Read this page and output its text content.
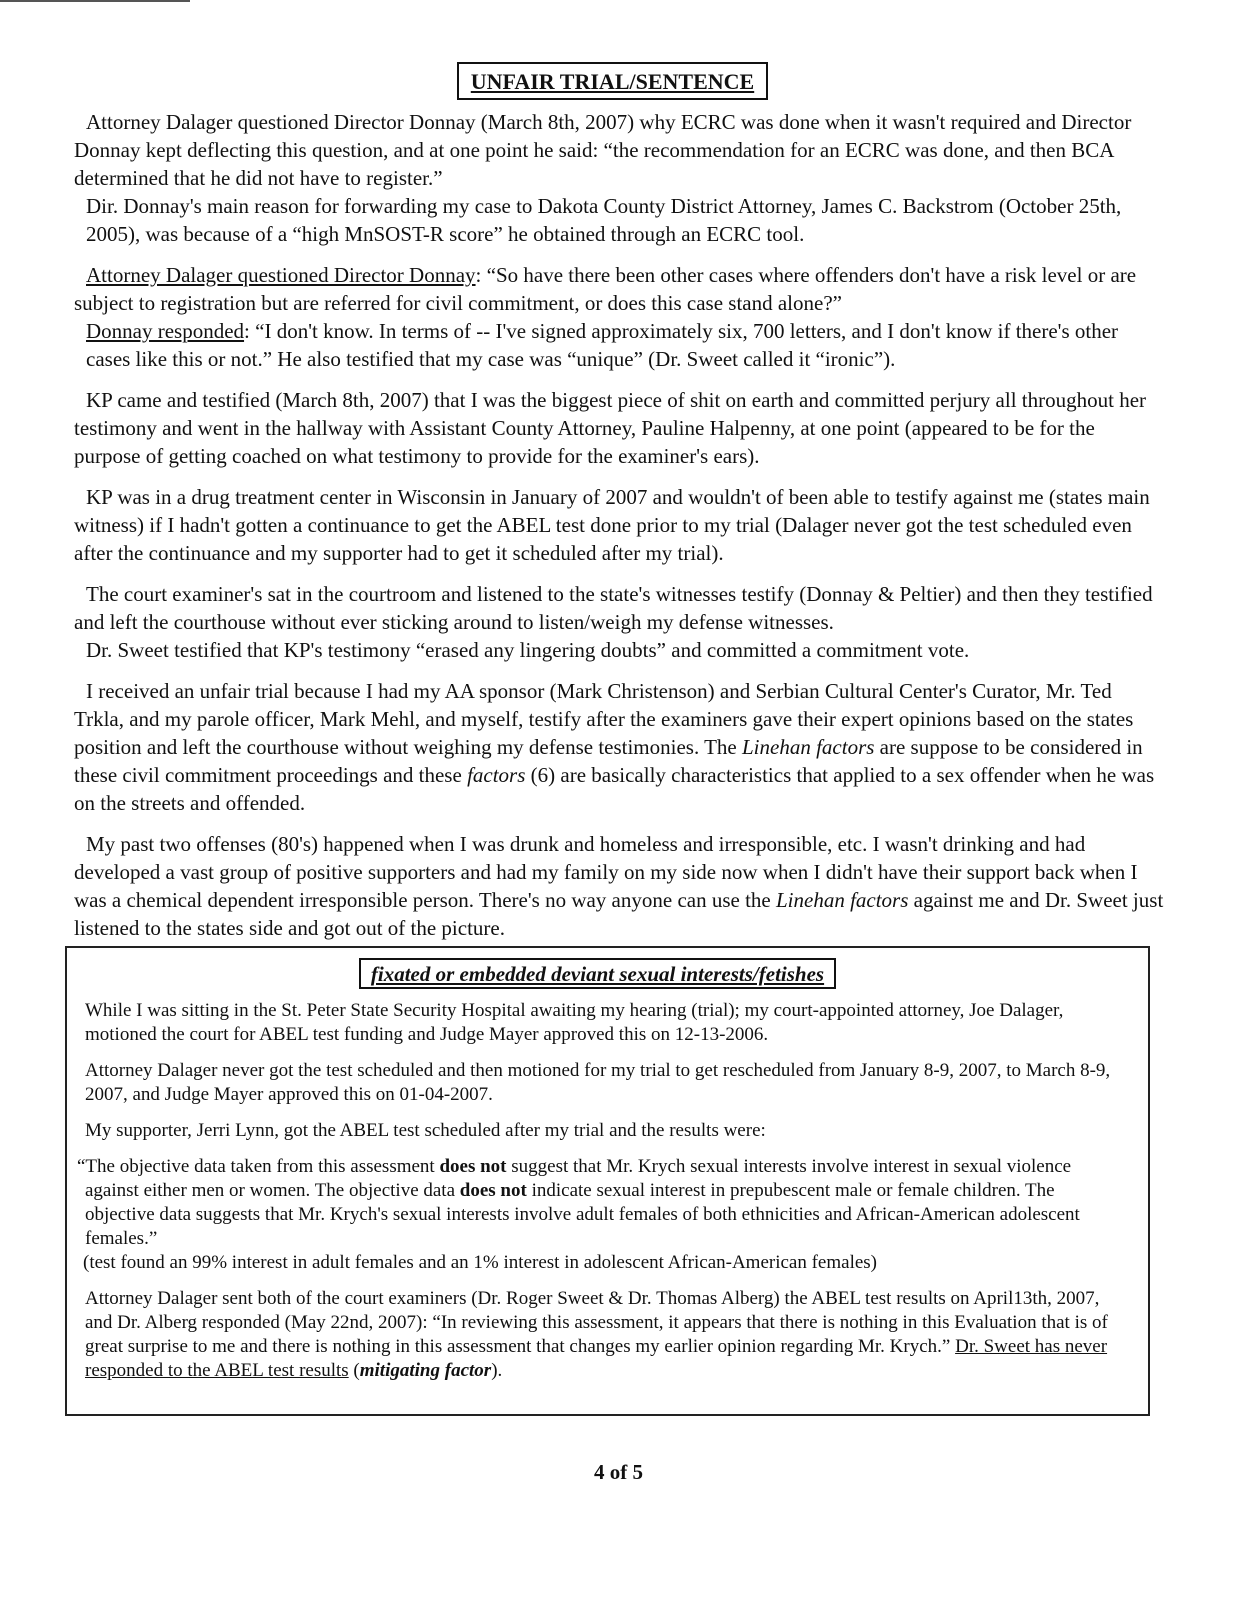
UNFAIR TRIAL/SENTENCE

Attorney Dalager questioned Director Donnay (March 8th, 2007) why ECRC was done when it wasn't required and Director Donnay kept deflecting this question, and at one point he said: “the recommendation for an ECRC was done, and then BCA determined that he did not have to register.”

Dir. Donnay's main reason for forwarding my case to Dakota County District Attorney, James C. Backstrom (October 25th, 2005), was because of a “high MnSOST-R score” he obtained through an ECRC tool.

Attorney Dalager questioned Director Donnay: “So have there been other cases where offenders don't have a risk level or are subject to registration but are referred for civil commitment, or does this case stand alone?”

Donnay responded: “I don't know. In terms of -- I've signed approximately six, 700 letters, and I don't know if there's other cases like this or not.” He also testified that my case was “unique” (Dr. Sweet called it “ironic”).

KP came and testified (March 8th, 2007) that I was the biggest piece of shit on earth and committed perjury all throughout her testimony and went in the hallway with Assistant County Attorney, Pauline Halpenny, at one point (appeared to be for the purpose of getting coached on what testimony to provide for the examiner's ears).

KP was in a drug treatment center in Wisconsin in January of 2007 and wouldn't of been able to testify against me (states main witness) if I hadn't gotten a continuance to get the ABEL test done prior to my trial (Dalager never got the test scheduled even after the continuance and my supporter had to get it scheduled after my trial).

The court examiner's sat in the courtroom and listened to the state's witnesses testify (Donnay & Peltier) and then they testified and left the courthouse without ever sticking around to listen/weigh my defense witnesses.

Dr. Sweet testified that KP's testimony “erased any lingering doubts” and committed a commitment vote.

I received an unfair trial because I had my AA sponsor (Mark Christenson) and Serbian Cultural Center's Curator, Mr. Ted Trkla, and my parole officer, Mark Mehl, and myself, testify after the examiners gave their expert opinions based on the states position and left the courthouse without weighing my defense testimonies. The Linehan factors are suppose to be considered in these civil commitment proceedings and these factors (6) are basically characteristics that applied to a sex offender when he was on the streets and offended.

My past two offenses (80's) happened when I was drunk and homeless and irresponsible, etc. I wasn't drinking and had developed a vast group of positive supporters and had my family on my side now when I didn't have their support back when I was a chemical dependent irresponsible person. There's no way anyone can use the Linehan factors against me and Dr. Sweet just listened to the states side and got out of the picture.

fixated or embedded deviant sexual interests/fetishes

While I was sitting in the St. Peter State Security Hospital awaiting my hearing (trial); my court-appointed attorney, Joe Dalager, motioned the court for ABEL test funding and Judge Mayer approved this on 12-13-2006.

Attorney Dalager never got the test scheduled and then motioned for my trial to get rescheduled from January 8-9, 2007, to March 8-9, 2007, and Judge Mayer approved this on 01-04-2007.

My supporter, Jerri Lynn, got the ABEL test scheduled after my trial and the results were:

“The objective data taken from this assessment does not suggest that Mr. Krych sexual interests involve interest in sexual violence against either men or women. The objective data does not indicate sexual interest in prepubescent male or female children. The objective data suggests that Mr. Krych's sexual interests involve adult females of both ethnicities and African-American adolescent females.”
(test found an 99% interest in adult females and an 1% interest in adolescent African-American females)

Attorney Dalager sent both of the court examiners (Dr. Roger Sweet & Dr. Thomas Alberg) the ABEL test results on April13th, 2007, and Dr. Alberg responded (May 22nd, 2007): “In reviewing this assessment, it appears that there is nothing in this Evaluation that is of great surprise to me and there is nothing in this assessment that changes my earlier opinion regarding Mr. Krych.” Dr. Sweet has never responded to the ABEL test results (mitigating factor).

4 of 5
